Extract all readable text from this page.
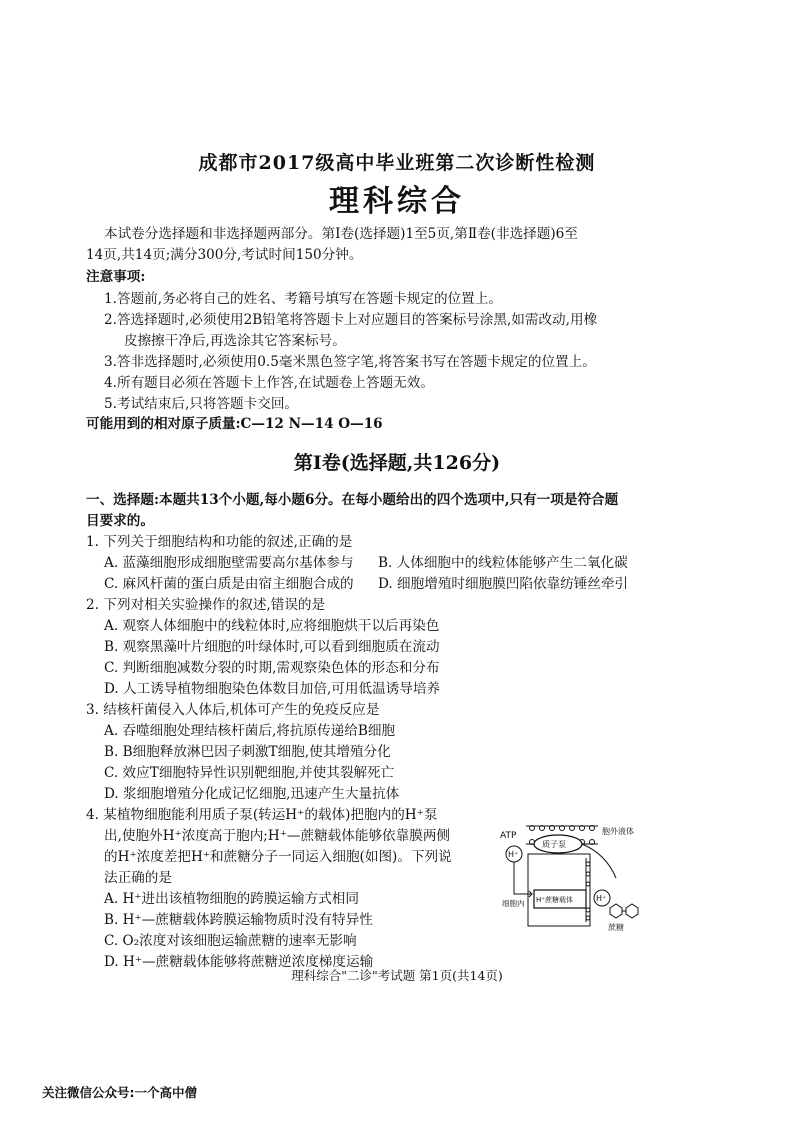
成都市2017级高中毕业班第二次诊断性检测
理科综合
本试卷分选择题和非选择题两部分。第Ⅰ卷(选择题)1至5页,第Ⅱ卷(非选择题)6至
14页,共14页;满分300分,考试时间150分钟。
注意事项:
1.答题前,务必将自己的姓名、考籍号填写在答题卡规定的位置上。
2.答选择题时,必须使用2B铅笔将答题卡上对应题目的答案标号涂黑,如需改动,用橡
皮擦擦干净后,再选涂其它答案标号。
3.答非选择题时,必须使用0.5毫米黑色签字笔,将答案书写在答题卡规定的位置上。
4.所有题目必须在答题卡上作答,在试题卷上答题无效。
5.考试结束后,只将答题卡交回。
可能用到的相对原子质量:C—12 N—14 O—16
第Ⅰ卷(选择题,共126分)
一、选择题:本题共13个小题,每小题6分。在每小题给出的四个选项中,只有一项是符合题
目要求的。
1. 下列关于细胞结构和功能的叙述,正确的是
A. 蓝藻细胞形成细胞壁需要高尔基体参与 B. 人体细胞中的线粒体能够产生二氧化碳
C. 麻风杆菌的蛋白质是由宿主细胞合成的 D. 细胞增殖时细胞膜凹陷依靠纺锤丝牵引
2. 下列对相关实验操作的叙述,错误的是
A. 观察人体细胞中的线粒体时,应将细胞烘干以后再染色
B. 观察黑藻叶片细胞的叶绿体时,可以看到细胞质在流动
C. 判断细胞减数分裂的时期,需观察染色体的形态和分布
D. 人工诱导植物细胞染色体数目加倍,可用低温诱导培养
3. 结核杆菌侵入人体后,机体可产生的免疫反应是
A. 吞噬细胞处理结核杆菌后,将抗原传递给B细胞
B. B细胞释放淋巴因子刺激T细胞,使其增殖分化
C. 效应T细胞特异性识别靶细胞,并使其裂解死亡
D. 浆细胞增殖分化成记忆细胞,迅速产生大量抗体
4. 某植物细胞能利用质子泵(转运H⁺的载体)把胞内的H⁺泵
出,使胞外H⁺浓度高于胞内;H⁺—蔗糖载体能够依靠膜两侧
的H⁺浓度差把H⁺和蔗糖分子一同运入细胞(如图)。下列说
法正确的是
A. H⁺进出该植物细胞的跨膜运输方式相同
B. H⁺—蔗糖载体跨膜运输物质时没有特异性
C. O₂浓度对该细胞运输蔗糖的速率无影响
D. H⁺—蔗糖载体能够将蔗糖逆浓度梯度运输
ATP
H⁺
质子泵
胞外液体
H⁺蔗糖载体
细胞内
H⁺
蔗糖
理科综合"二诊"考试题 第1页(共14页)
关注微信公众号:一个高中僧
